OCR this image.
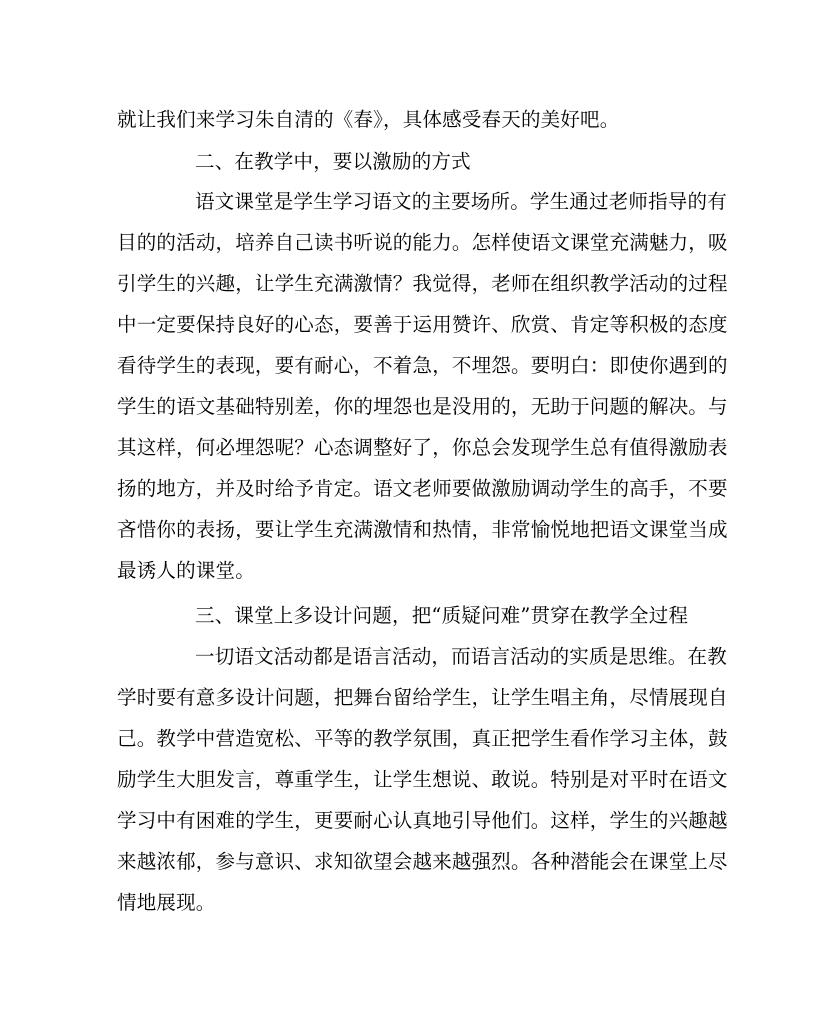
就让我们来学习朱自清的《春》，具体感受春天的美好吧。
二、在教学中，要以激励的方式
语文课堂是学生学习语文的主要场所。学生通过老师指导的有
目的的活动，培养自己读书听说的能力。怎样使语文课堂充满魅力，吸
引学生的兴趣，让学生充满激情？我觉得，老师在组织教学活动的过程
中一定要保持良好的心态，要善于运用赞许、欣赏、肯定等积极的态度
看待学生的表现，要有耐心，不着急，不埋怨。要明白：即使你遇到的
学生的语文基础特别差，你的埋怨也是没用的，无助于问题的解决。与
其这样，何必埋怨呢？心态调整好了，你总会发现学生总有值得激励表
扬的地方，并及时给予肯定。语文老师要做激励调动学生的高手，不要
吝惜你的表扬，要让学生充满激情和热情，非常愉悦地把语文课堂当成
最诱人的课堂。
三、课堂上多设计问题，把“质疑问难”贯穿在教学全过程
一切语文活动都是语言活动，而语言活动的实质是思维。在教
学时要有意多设计问题，把舞台留给学生，让学生唱主角，尽情展现自
己。教学中营造宽松、平等的教学氛围，真正把学生看作学习主体，鼓
励学生大胆发言，尊重学生，让学生想说、敢说。特别是对平时在语文
学习中有困难的学生，更要耐心认真地引导他们。这样，学生的兴趣越
来越浓郁，参与意识、求知欲望会越来越强烈。各种潜能会在课堂上尽
情地展现。
